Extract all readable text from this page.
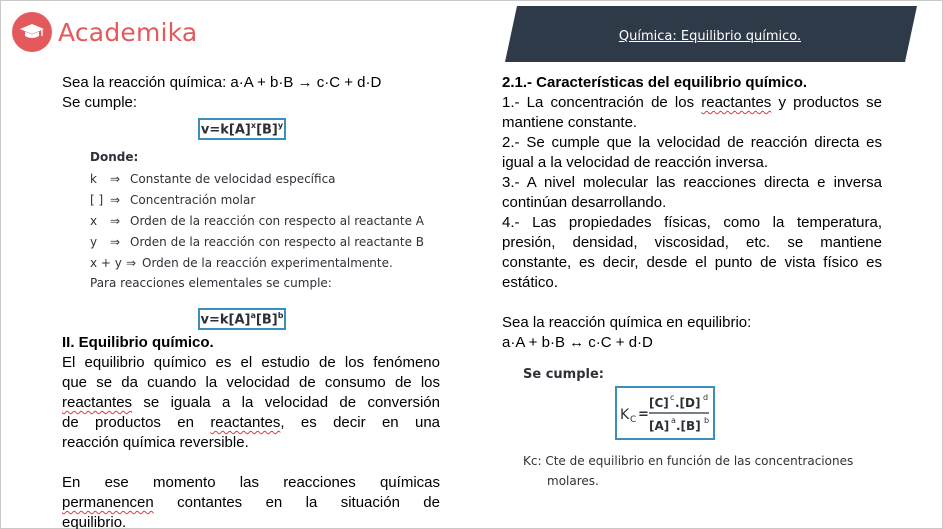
Academika	Química: Equilibrio químico.
Sea la reacción química: a·A + b·B → c·C + d·D
Se cumple:
$v=k[A]^x[B]^y$
Donde:
k	⇒ Constante de velocidad específica
[ ] ⇒ Concentración molar
x	⇒ Orden de la reacción con respecto al reactante A
y	⇒ Orden de la reacción con respecto al reactante B
x + y ⇒ Orden de la reacción experimentalmente.
Para reacciones elementales se cumple:
$v=k[A]^a[B]^b$
II. Equilibrio químico.
El equilibrio químico es el estudio de los fenómeno
que se da cuando la velocidad de consumo de los
reactantes se iguala a la velocidad de conversión
de productos en reactantes, es decir en una
reacción química reversible.
En ese momento las reacciones químicas
permanencen contantes en la situación de
equilibrio.
2.1.- Características del equilibrio químico.
1.- La concentración de los reactantes y productos se mantiene constante.
2.- Se cumple que la velocidad de reacción directa es igual a la velocidad de reacción inversa.
3.- A nivel molecular las reacciones directa e inversa continúan desarrollando.
4.- Las propiedades físicas, como la temperatura, presión, densidad, viscosidad, etc. se mantiene constante, es decir, desde el punto de vista físico es estático.
Sea la reacción química en equilibrio:
a·A + b·B ↔ c·C + d·D
Se cumple:
K C =
[C] c .[D] d
[A] a .[B] b
Kc: Cte de equilibrio en función de las concentraciones
molares.
